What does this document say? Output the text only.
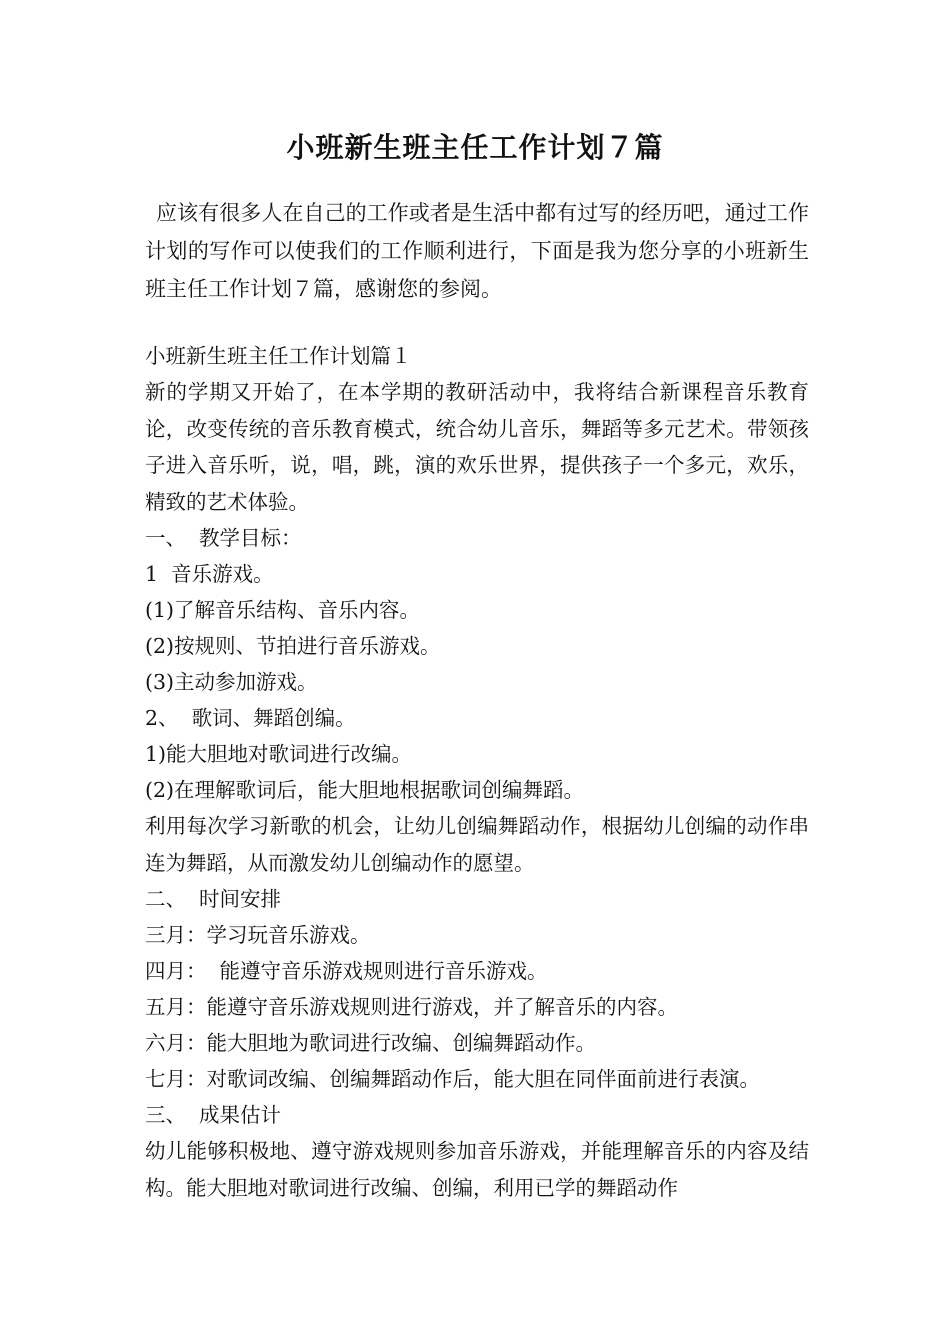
小班新生班主任工作计划７篇

应该有很多人在自己的工作或者是生活中都有过写的经历吧，通过工作计划的写作可以使我们的工作顺利进行，下面是我为您分享的小班新生班主任工作计划７篇，感谢您的参阅。

小班新生班主任工作计划篇１
新的学期又开始了，在本学期的教研活动中，我将结合新课程音乐教育论，改变传统的音乐教育模式，统合幼儿音乐，舞蹈等多元艺术。带领孩子进入音乐听，说，唱，跳，演的欢乐世界，提供孩子一个多元，欢乐，精致的艺术体验。
一、  教学目标：
1  音乐游戏。
(1)了解音乐结构、音乐内容。
(2)按规则、节拍进行音乐游戏。
(3)主动参加游戏。
2、  歌词、舞蹈创编。
1)能大胆地对歌词进行改编。
(2)在理解歌词后，能大胆地根据歌词创编舞蹈。
利用每次学习新歌的机会，让幼儿创编舞蹈动作，根据幼儿创编的动作串连为舞蹈，从而激发幼儿创编动作的愿望。
二、  时间安排
三月：学习玩音乐游戏。
四月：  能遵守音乐游戏规则进行音乐游戏。
五月：能遵守音乐游戏规则进行游戏，并了解音乐的内容。
六月：能大胆地为歌词进行改编、创编舞蹈动作。
七月：对歌词改编、创编舞蹈动作后，能大胆在同伴面前进行表演。
三、  成果估计
幼儿能够积极地、遵守游戏规则参加音乐游戏，并能理解音乐的内容及结构。能大胆地对歌词进行改编、创编，利用已学的舞蹈动作
